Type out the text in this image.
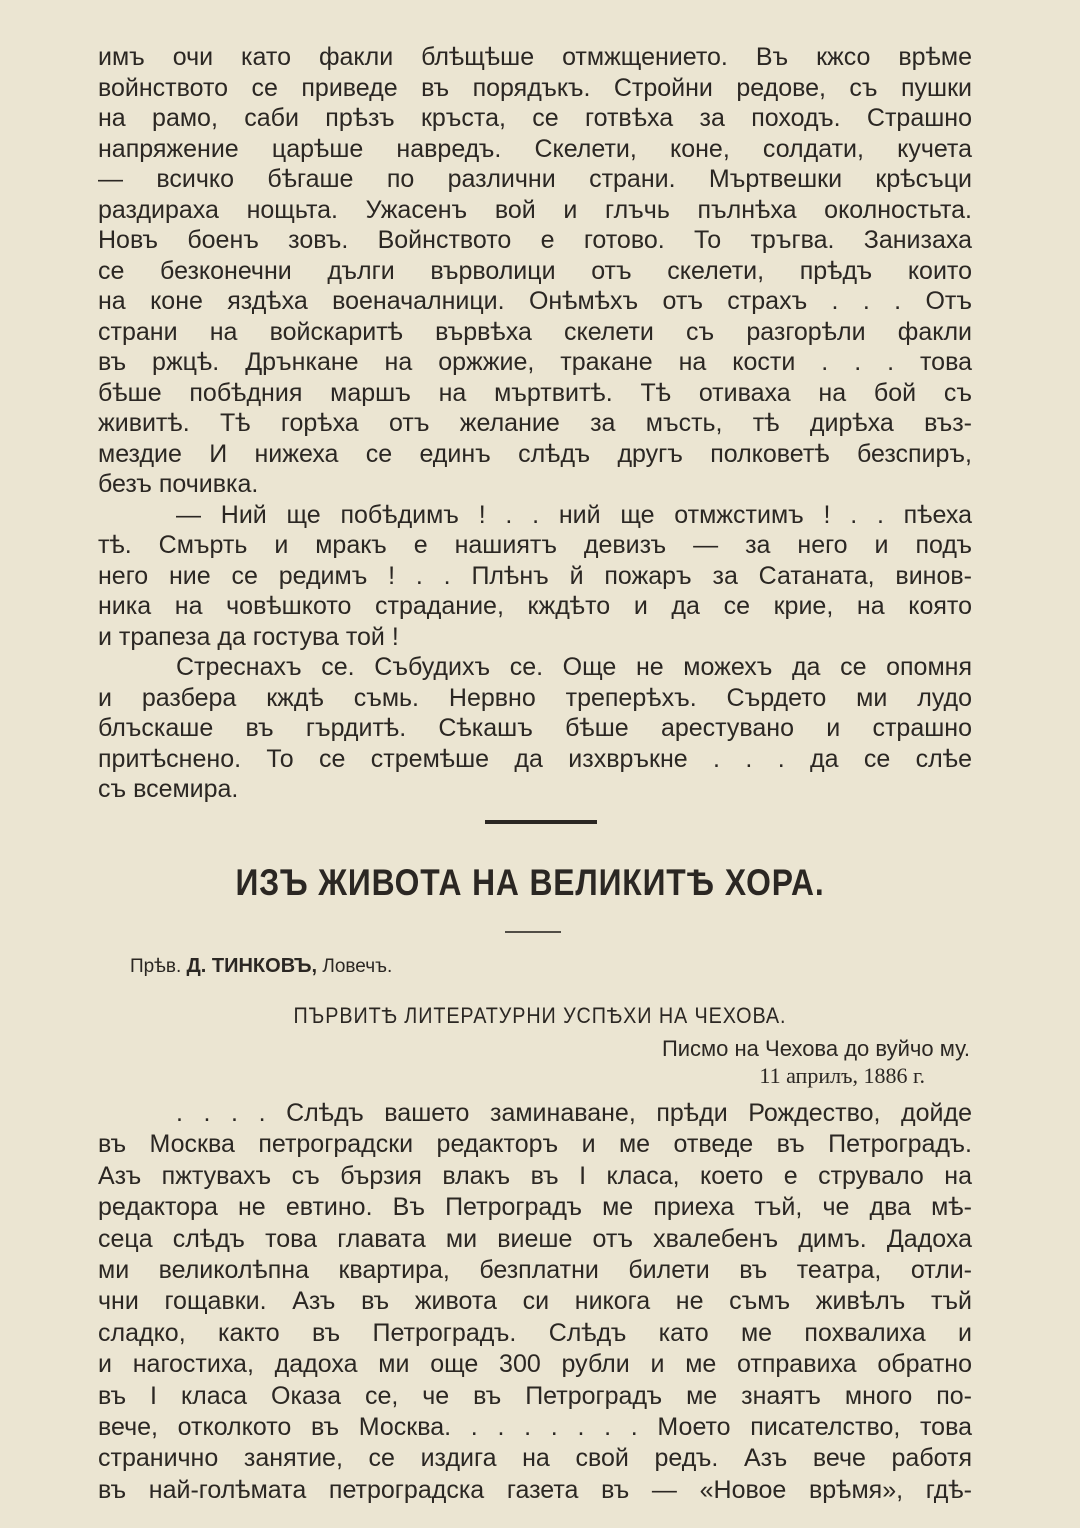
имъ очи като факли блѣщѣше отмжщението. Въ кжсо врѣме
войнството се приведе въ порядъкъ. Стройни редове, съ пушки
на рамо, саби прѣзъ кръста, се готвѣха за походъ. Страшно
напряжение царѣше навредъ. Скелети, коне, солдати, кучета
— всичко бѣгаше по различни страни. Мъртвешки крѣсъци
раздираха нощьта. Ужасенъ вой и глъчь пълнѣха околностьта.
Новъ боенъ зовъ. Войнството е готово. То тръгва. Занизаха
се безконечни дълги върволици отъ скелети, прѣдъ които
на коне яздѣха военачалници. Онѣмѣхъ отъ страхъ . . . Отъ
страни на войскаритѣ вървѣха скелети съ разгорѣли факли
въ ржцѣ. Дрънкане на оржжие, тракане на кости . . . това
бѣше побѣдния маршъ на мъртвитѣ. Тѣ отиваха на бой съ
живитѣ. Тѣ горѣха отъ желание за мъсть, тѣ дирѣха въз-
мездие И нижеха се единъ слѣдъ другъ полковетѣ безспиръ,
безъ почивка.
— Ний ще побѣдимъ ! . . ний ще отмжстимъ ! . . пѣеха
тѣ. Смърть и мракъ е нашиятъ девизъ — за него и подъ
него ние се редимъ ! . . Плѣнъ й пожаръ за Сатаната, винов-
ника на човѣшкото страдание, кждѣто и да се крие, на която
и трапеза да гостува той !
Стреснахъ се. Събудихъ се. Още не можехъ да се опомня
и разбера кждѣ съмь. Нервно треперѣхъ. Сърдето ми лудо
блъскаше въ гърдитѣ. Сѣкашъ бѣше арестувано и страшно
притѣснено. То се стремѣше да изхвръкне . . . да се слѣе
съ всемира.
ИЗЪ ЖИВОТА НА ВЕЛИКИТѢ ХОРА.
Прѣв. Д. ТИНКОВЪ, Ловечъ.
ПЪРВИТѢ ЛИТЕРАТУРНИ УСПѢХИ НА ЧЕХОВА.
Писмо на Чехова до вуйчо му.
11 априлъ, 1886 г.
. . . . Слѣдъ вашето заминаване, прѣди Рождество, дойде
въ Москва петроградски редакторъ и ме отведе въ Петроградъ.
Азъ пжтувахъ съ бързия влакъ въ I класа, което е струвало на
редактора не евтино. Въ Петроградъ ме приеха тъй, че два мѣ-
сеца слѣдъ това главата ми виеше отъ хвалебенъ димъ. Дадоха
ми великолѣпна квартира, безплатни билети въ театра, отли-
чни гощавки. Азъ въ живота си никога не съмъ живѣлъ тъй
сладко, както въ Петроградъ. Слѣдъ като ме похвалиха и
и нагостиха, дадоха ми още 300 рубли и ме отправиха обратно
въ I класа Оказа се, че въ Петроградъ ме знаятъ много по-
вече, отколкото въ Москва. . . . . . . . Моето писателство, това
странично занятие, се издига на свой редъ. Азъ вече работя
въ най-голѣмата петроградска газета въ — «Новое врѣмя», гдѣ-
